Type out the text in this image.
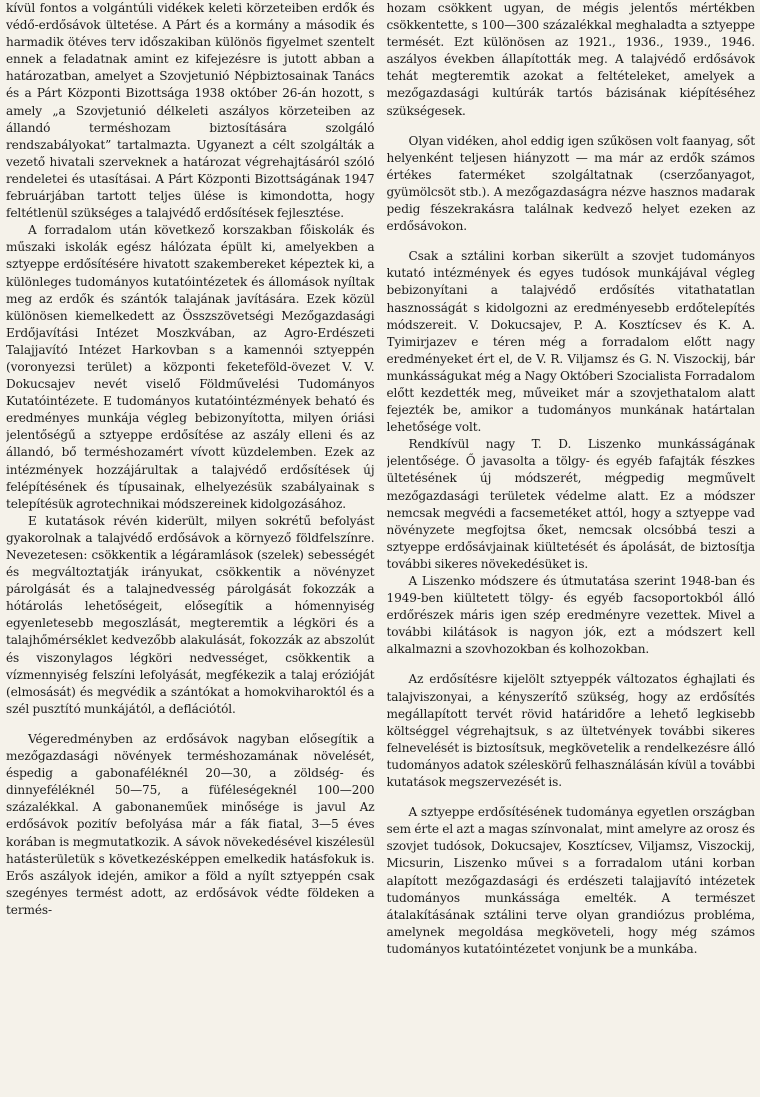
kívül fontos a volgántúli vidékek keleti körzeteiben erdők és védő-erdősávok ültetése. A Párt és a kormány a második és harmadik ötéves terv időszakiban különös figyelmet szentelt ennek a feladatnak amint ez kifejezésre is jutott abban a határozatban, amelyet a Szovjetunió Népbiztosainak Tanács és a Párt Központi Bizottsága 1938 október 26-án hozott, s amely „a Szovjetunió délkeleti aszályos körzeteiben az állandó terméshozam biztosítására szolgáló rendszabályokat” tartalmazta. Ugyanezt a célt szolgálták a vezető hivatali szerveknek a határozat végrehajtásáról szóló rendeletei és utasításai. A Párt Központi Bizottságának 1947 februárjában tartott teljes ülése is kimondotta, hogy feltétlenül szükséges a talajvédő erdősítések fejlesztése.

A forradalom után következő korszakban főiskolák és műszaki iskolák egész hálózata épült ki, amelyekben a sztyeppe erdősítésére hivatott szakembereket képeztek ki, a különleges tudományos kutatóintézetek és állomások nyíltak meg az erdők és szántók talajának javítására. Ezek közül különösen kiemelkedett az Összszövetségi Mezőgazdasági Erdőjavítási Intézet Moszkvában, az Agro-Erdészeti Talajjavító Intézet Harkovban s a kamennói sztyeppén (voronyezsi terület) a központi feketeföld-övezet V. V. Dokucsajev nevét viselő Földművelési Tudományos Kutatóintézete. E tudományos kutatóintézmények beható és eredményes munkája végleg bebizonyította, milyen óriási jelentőségű a sztyeppe erdősítése az aszály elleni és az állandó, bő terméshozamért vívott küzdelemben. Ezek az intézmények hozzájárultak a talajvédő erdősítések új felépítésének és típusainak, elhelyezésük szabályainak s telepítésük agrotechnikai módszereinek kidolgozásához.

E kutatások révén kiderült, milyen sokrétű befolyást gyakorolnak a talajvédő erdősávok a környező földfelszínre. Nevezetesen: csökkentik a légáramlások (szelek) sebességét és megváltoztatják irányukat, csökkentik a növényzet párolgását és a talajnedvesség párolgását fokozzák a hótárolás lehetőségeit, elősegítik a hómennyiség egyenletesebb megoszlását, megteremtik a légköri és a talajhőmérséklet kedvezőbb alakulását, fokozzák az abszolút és viszonylagos légköri nedvességet, csökkentik a vízmennyiség felszíni lefolyását, megfékezik a talaj erózióját (elmosását) és megvédik a szántókat a homokviharoktól és a szél pusztító munkájától, a deflációtól.

Végeredményben az erdősávok nagyban elősegítik a mezőgazdasági növények terméshozamának növelését, éspedig a gabonaféléknél 20—30, a zöldség- és dinnyeféléknél 50—75, a füféleségeknél 100—200 százalékkal. A gabonaneműek minősége is javul Az erdősávok pozitív befolyása már a fák fiatal, 3—5 éves korában is megmutatkozik. A sávok növekedésével kiszélesül hatásterületük s következésképpen emelkedik hatásfokuk is. Erős aszályok idején, amikor a föld a nyílt sztyeppén csak szegényes termést adott, az erdősávok védte földeken a termés-

hozam csökkent ugyan, de mégis jelentős mértékben csökkentette, s 100—300 százalékkal meghaladta a sztyeppe termését. Ezt különösen az 1921., 1936., 1939., 1946. aszályos években állapították meg. A talajvédő erdősávok tehát megteremtik azokat a feltételeket, amelyek a mezőgazdasági kultúrák tartós bázisának kiépítéséhez szükségesek.

Olyan vidéken, ahol eddig igen szűkösen volt faanyag, sőt helyenként teljesen hiányzott — ma már az erdők számos értékes faterméket szolgáltatnak (cserzőanyagot, gyümölcsöt stb.). A mezőgazdaságra nézve hasznos madarak pedig fészekrakásra találnak kedvező helyet ezeken az erdősávokon.

Csak a sztálini korban sikerült a szovjet tudományos kutató intézmények és egyes tudósok munkájával végleg bebizonyítani a talajvédő erdősítés vitathatatlan hasznosságát s kidolgozni az eredményesebb erdőtelepítés módszereit. V. Dokucsajev, P. A. Kosztícsev és K. A. Tyimirjazev e téren még a forradalom előtt nagy eredményeket ért el, de V. R. Viljamsz és G. N. Viszockij, bár munkásságukat még a Nagy Októberi Szocialista Forradalom előtt kezdették meg, műveiket már a szovjethatalom alatt fejezték be, amikor a tudományos munkának határtalan lehetősége volt.

Rendkívül nagy T. D. Liszenko munkásságának jelentősége. Ő javasolta a tölgy- és egyéb fafajták fészkes ültetésének új módszerét, mégpedig megművelt mezőgazdasági területek védelme alatt. Ez a módszer nemcsak megvédi a facsemetéket attól, hogy a sztyeppe vad növényzete megfojtsa őket, nemcsak olcsóbbá teszi a sztyeppe erdősávjainak kiültetését és ápolását, de biztosítja további sikeres növekedésüket is.

A Liszenko módszere és útmutatása szerint 1948-ban és 1949-ben kiültetett tölgy- és egyéb facsoportokból álló erdőrészek máris igen szép eredményre vezettek. Mivel a további kilátások is nagyon jók, ezt a módszert kell alkalmazni a szovhozokban és kolhozokban.

Az erdősítésre kijelölt sztyeppék változatos éghajlati és talajviszonyai, a kényszerítő szükség, hogy az erdősítés megállapított tervét rövid határidőre a lehető legkisebb költséggel végrehajtsuk, s az ültetvények további sikeres felnevelését is biztosítsuk, megkövetelik a rendelkezésre álló tudományos adatok széleskörű felhasználásán kívül a további kutatások megszervezését is.

A sztyeppe erdősítésének tudománya egyetlen országban sem érte el azt a magas színvonalat, mint amelyre az orosz és szovjet tudósok, Dokucsajev, Kosztícsev, Viljamsz, Viszockij, Micsurin, Liszenko művei s a forradalom utáni korban alapított mezőgazdasági és erdészeti talajjavító intézetek tudományos munkássága emelték. A természet átalakításának sztálini terve olyan grandiózus probléma, amelynek megoldása megköveteli, hogy még számos tudományos kutatóintézetet vonjunk be a munkába.
